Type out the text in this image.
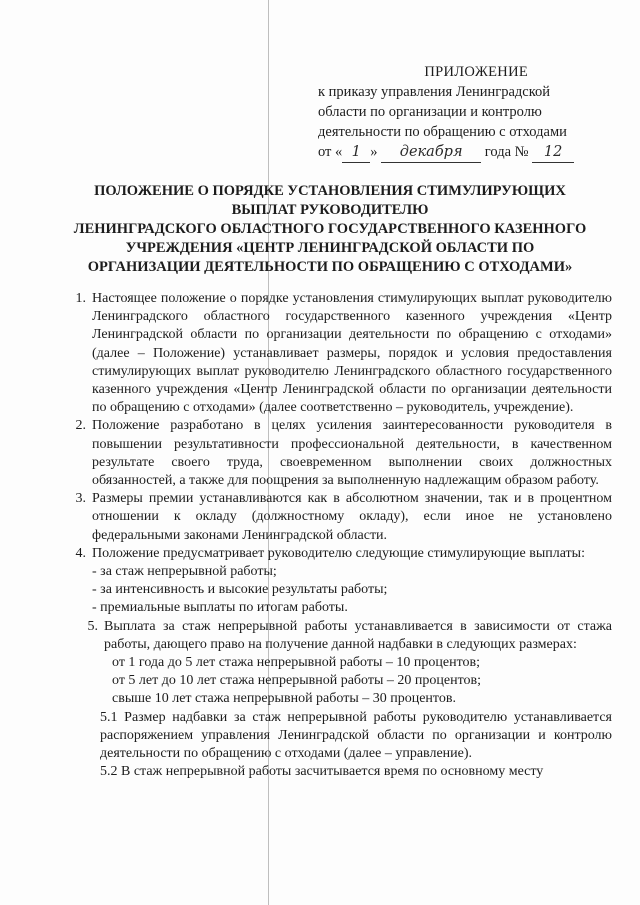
ПРИЛОЖЕНИЕ
к приказу управления Ленинградской
области по организации и контролю
деятельности по обращению с отходами
от « 1 » декабря года № 12
ПОЛОЖЕНИЕ О ПОРЯДКЕ УСТАНОВЛЕНИЯ СТИМУЛИРУЮЩИХ
ВЫПЛАТ РУКОВОДИТЕЛЮ
ЛЕНИНГРАДСКОГО ОБЛАСТНОГО ГОСУДАРСТВЕННОГО КАЗЕННОГО
УЧРЕЖДЕНИЯ «ЦЕНТР ЛЕНИНГРАДСКОЙ ОБЛАСТИ ПО
ОРГАНИЗАЦИИ ДЕЯТЕЛЬНОСТИ ПО ОБРАЩЕНИЮ С ОТХОДАМИ»
1. Настоящее положение о порядке установления стимулирующих выплат руководителю Ленинградского областного государственного казенного учреждения «Центр Ленинградской области по организации деятельности по обращению с отходами» (далее – Положение) устанавливает размеры, порядок и условия предоставления стимулирующих выплат руководителю Ленинградского областного государственного казенного учреждения «Центр Ленинградской области по организации деятельности по обращению с отходами» (далее соответственно – руководитель, учреждение).
2. Положение разработано в целях усиления заинтересованности руководителя в повышении результативности профессиональной деятельности, в качественном результате своего труда, своевременном выполнении своих должностных обязанностей, а также для поощрения за выполненную надлежащим образом работу.
3. Размеры премии устанавливаются как в абсолютном значении, так и в процентном отношении к окладу (должностному окладу), если иное не установлено федеральными законами Ленинградской области.
4. Положение предусматривает руководителю следующие стимулирующие выплаты:

- за стаж непрерывной работы;

- за интенсивность и высокие результаты работы;

- премиальные выплаты по итогам работы.

5. Выплата за стаж непрерывной работы устанавливается в зависимости от стажа работы, дающего право на получение данной надбавки в следующих размерах:

от 1 года до 5 лет стажа непрерывной работы – 10 процентов;

от 5 лет до 10 лет стажа непрерывной работы – 20 процентов;

свыше 10 лет стажа непрерывной работы – 30 процентов.

5.1 Размер надбавки за стаж непрерывной работы руководителю устанавливается распоряжением управления Ленинградской области по организации и контролю деятельности по обращению с отходами (далее – управление).

5.2 В стаж непрерывной работы засчитывается время по основному месту
